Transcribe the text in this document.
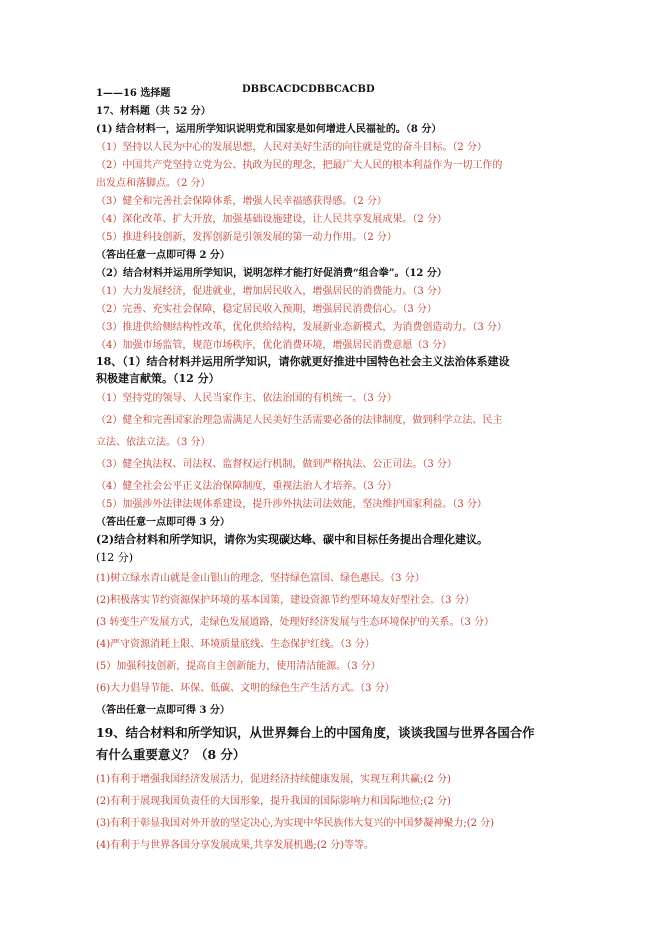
1——16 选择题	DBBCACDCDBBCACBD
17、材料题（共 52 分）
(1) 结合材料一，运用所学知识说明党和国家是如何增进人民福祉的。（8 分）
（1）坚持以人民为中心的发展思想，人民对美好生活的向往就是党的奋斗目标。（2 分）
（2）中国共产党坚持立党为公、执政为民的理念，把最广大人民的根本利益作为一切工作的
出发点和落脚点。（2 分）
（3）健全和完善社会保障体系，增强人民幸福感获得感。（2 分）
（4）深化改革、扩大开放，加强基础设施建设，让人民共享发展成果。（2 分）
（5）推进科技创新，发挥创新是引领发展的第一动力作用。（2 分）
（答出任意一点即可得 2 分）
（2）结合材料并运用所学知识，说明怎样才能打好促消费“组合拳”。（12 分）
（1）大力发展经济，促进就业，增加居民收入，增强居民的消费能力。（3 分）
（2）完善、充实社会保障，稳定居民收入预期，增强居民消费信心。（3 分）
（3）推进供给侧结构性改革，优化供给结构，发展新业态新模式，为消费创造动力。（3 分）
（4）加强市场监管，规范市场秩序，优化消费环境，增强居民消费意愿（3 分）
18、（1）结合材料并运用所学知识，请你就更好推进中国特色社会主义法治体系建设
积极建言献策。（12 分）
（1）坚持党的领导、人民当家作主、依法治国的有机统一。（3 分）
（2）健全和完善国家治理急需满足人民美好生活需要必备的法律制度，做到科学立法、民主
立法、依法立法。（3 分）
（3）健全执法权、司法权、监督权运行机制，做到严格执法、公正司法。（3 分）
（4）健全社会公平正义法治保障制度，重视法治人才培养。（3 分）
（5）加强涉外法律法规体系建设，提升涉外执法司法效能，坚决维护国家利益。（3 分）
（答出任意一点即可得 3 分）
(2)结合材料和所学知识，请你为实现碳达峰、碳中和目标任务提出合理化建议。
(12 分)
(1)树立绿水青山就是金山银山的理念，坚持绿色富国、绿色惠民。（3 分）
(2)积极落实节约资源保护环境的基本国策，建设资源节约型环境友好型社会。（3 分）
(3 转变生产发展方式，走绿色发展道路，处理好经济发展与生态环境保护的关系。（3 分）
(4)严守资源消耗上限、环境质量底线、生态保护红线。（3 分）
(5）加强科技创新，提高自主创新能力，使用清洁能源。（3 分）
(6)大力倡导节能、环保、低碳、文明的绿色生产生活方式。（3 分）
（答出任意一点即可得 3 分）
19、结合材料和所学知识，从世界舞台上的中国角度，谈谈我国与世界各国合作
有什么重要意义？（8 分）
(1)有利于增强我国经济发展活力，促进经济持续健康发展，实现互利共赢;(2 分)
(2)有利于展现我国负责任的大国形象，提升我国的国际影响力和国际地位;(2 分)
(3)有利于彰显我国对外开放的坚定决心,为实现中华民族伟大复兴的中国梦凝神聚力;(2 分)
(4)有利于与世界各国分享发展成果,共享发展机遇;(2 分)等等。
